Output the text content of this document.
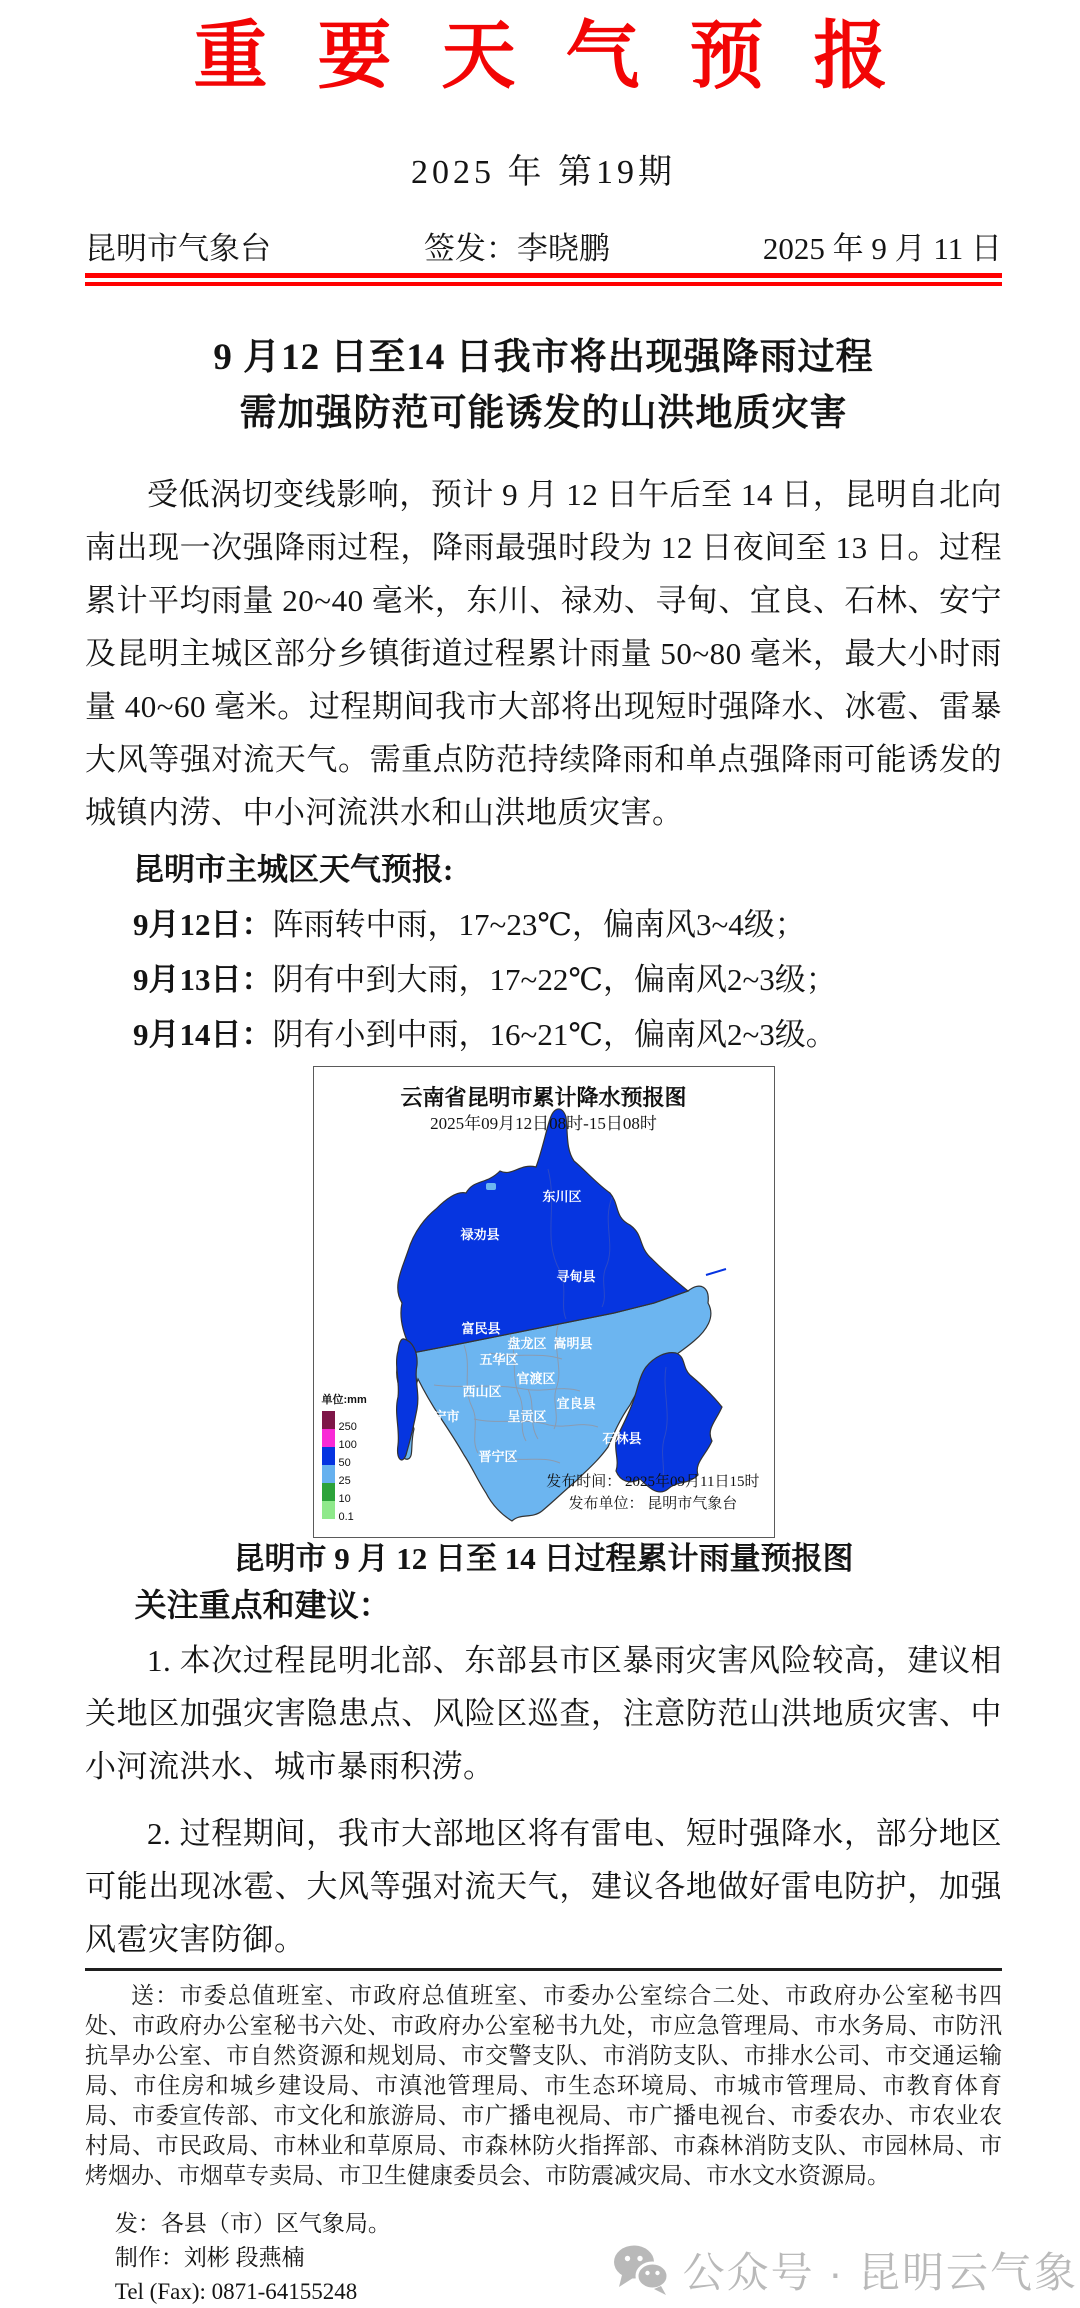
重要天气预报
2025 年 第19期
昆明市气象台	签发：李晓鹏	2025 年 9 月 11 日
9 月12 日至14 日我市将出现强降雨过程
需加强防范可能诱发的山洪地质灾害

受低涡切变线影响，预计 9 月 12 日午后至 14 日，昆明自北向南出现一次强降雨过程，降雨最强时段为 12 日夜间至 13 日。过程累计平均雨量 20~40 毫米，东川、禄劝、寻甸、宜良、石林、安宁及昆明主城区部分乡镇街道过程累计雨量 50~80 毫米，最大小时雨量 40~60 毫米。过程期间我市大部将出现短时强降水、冰雹、雷暴大风等强对流天气。需重点防范持续降雨和单点强降雨可能诱发的城镇内涝、中小河流洪水和山洪地质灾害。

昆明市主城区天气预报:
9月12日：阵雨转中雨，17~23℃，偏南风3~4级；
9月13日：阴有中到大雨，17~22℃，偏南风2~3级；
9月14日：阴有小到中雨，16~21℃，偏南风2~3级。
东川区
禄劝县
寻甸县
富民县
盘龙区 嵩明县
五华区
官渡区
西山区
安宁市	呈贡区
宜良县
石林县
晋宁区
云南省昆明市累计降水预报图
2025年09月12日08时-15日08时
单位:mm
250
100
50
25
10
0.1
发布时间： 2025年09月11日15时
发布单位： 昆明市气象台
昆明市 9 月 12 日至 14 日过程累计雨量预报图
关注重点和建议：

1. 本次过程昆明北部、东部县市区暴雨灾害风险较高，建议相关地区加强灾害隐患点、风险区巡查，注意防范山洪地质灾害、中小河流洪水、城市暴雨积涝。

2. 过程期间，我市大部地区将有雷电、短时强降水，部分地区可能出现冰雹、大风等强对流天气，建议各地做好雷电防护，加强风雹灾害防御。

送：市委总值班室、市政府总值班室、市委办公室综合二处、市政府办公室秘书四处、市政府办公室秘书六处、市政府办公室秘书九处，市应急管理局、市水务局、市防汛抗旱办公室、市自然资源和规划局、市交警支队、市消防支队、市排水公司、市交通运输局、市住房和城乡建设局、市滇池管理局、市生态环境局、市城市管理局、市教育体育局、市委宣传部、市文化和旅游局、市广播电视局、市广播电视台、市委农办、市农业农村局、市民政局、市林业和草原局、市森林防火指挥部、市森林消防支队、市园林局、市烤烟办、市烟草专卖局、市卫生健康委员会、市防震减灾局、市水文水资源局。

发：各县（市）区气象局。
制作：刘彬 段燕楠
Tel (Fax): 0871-64155248	公众号 · 昆明云气象
